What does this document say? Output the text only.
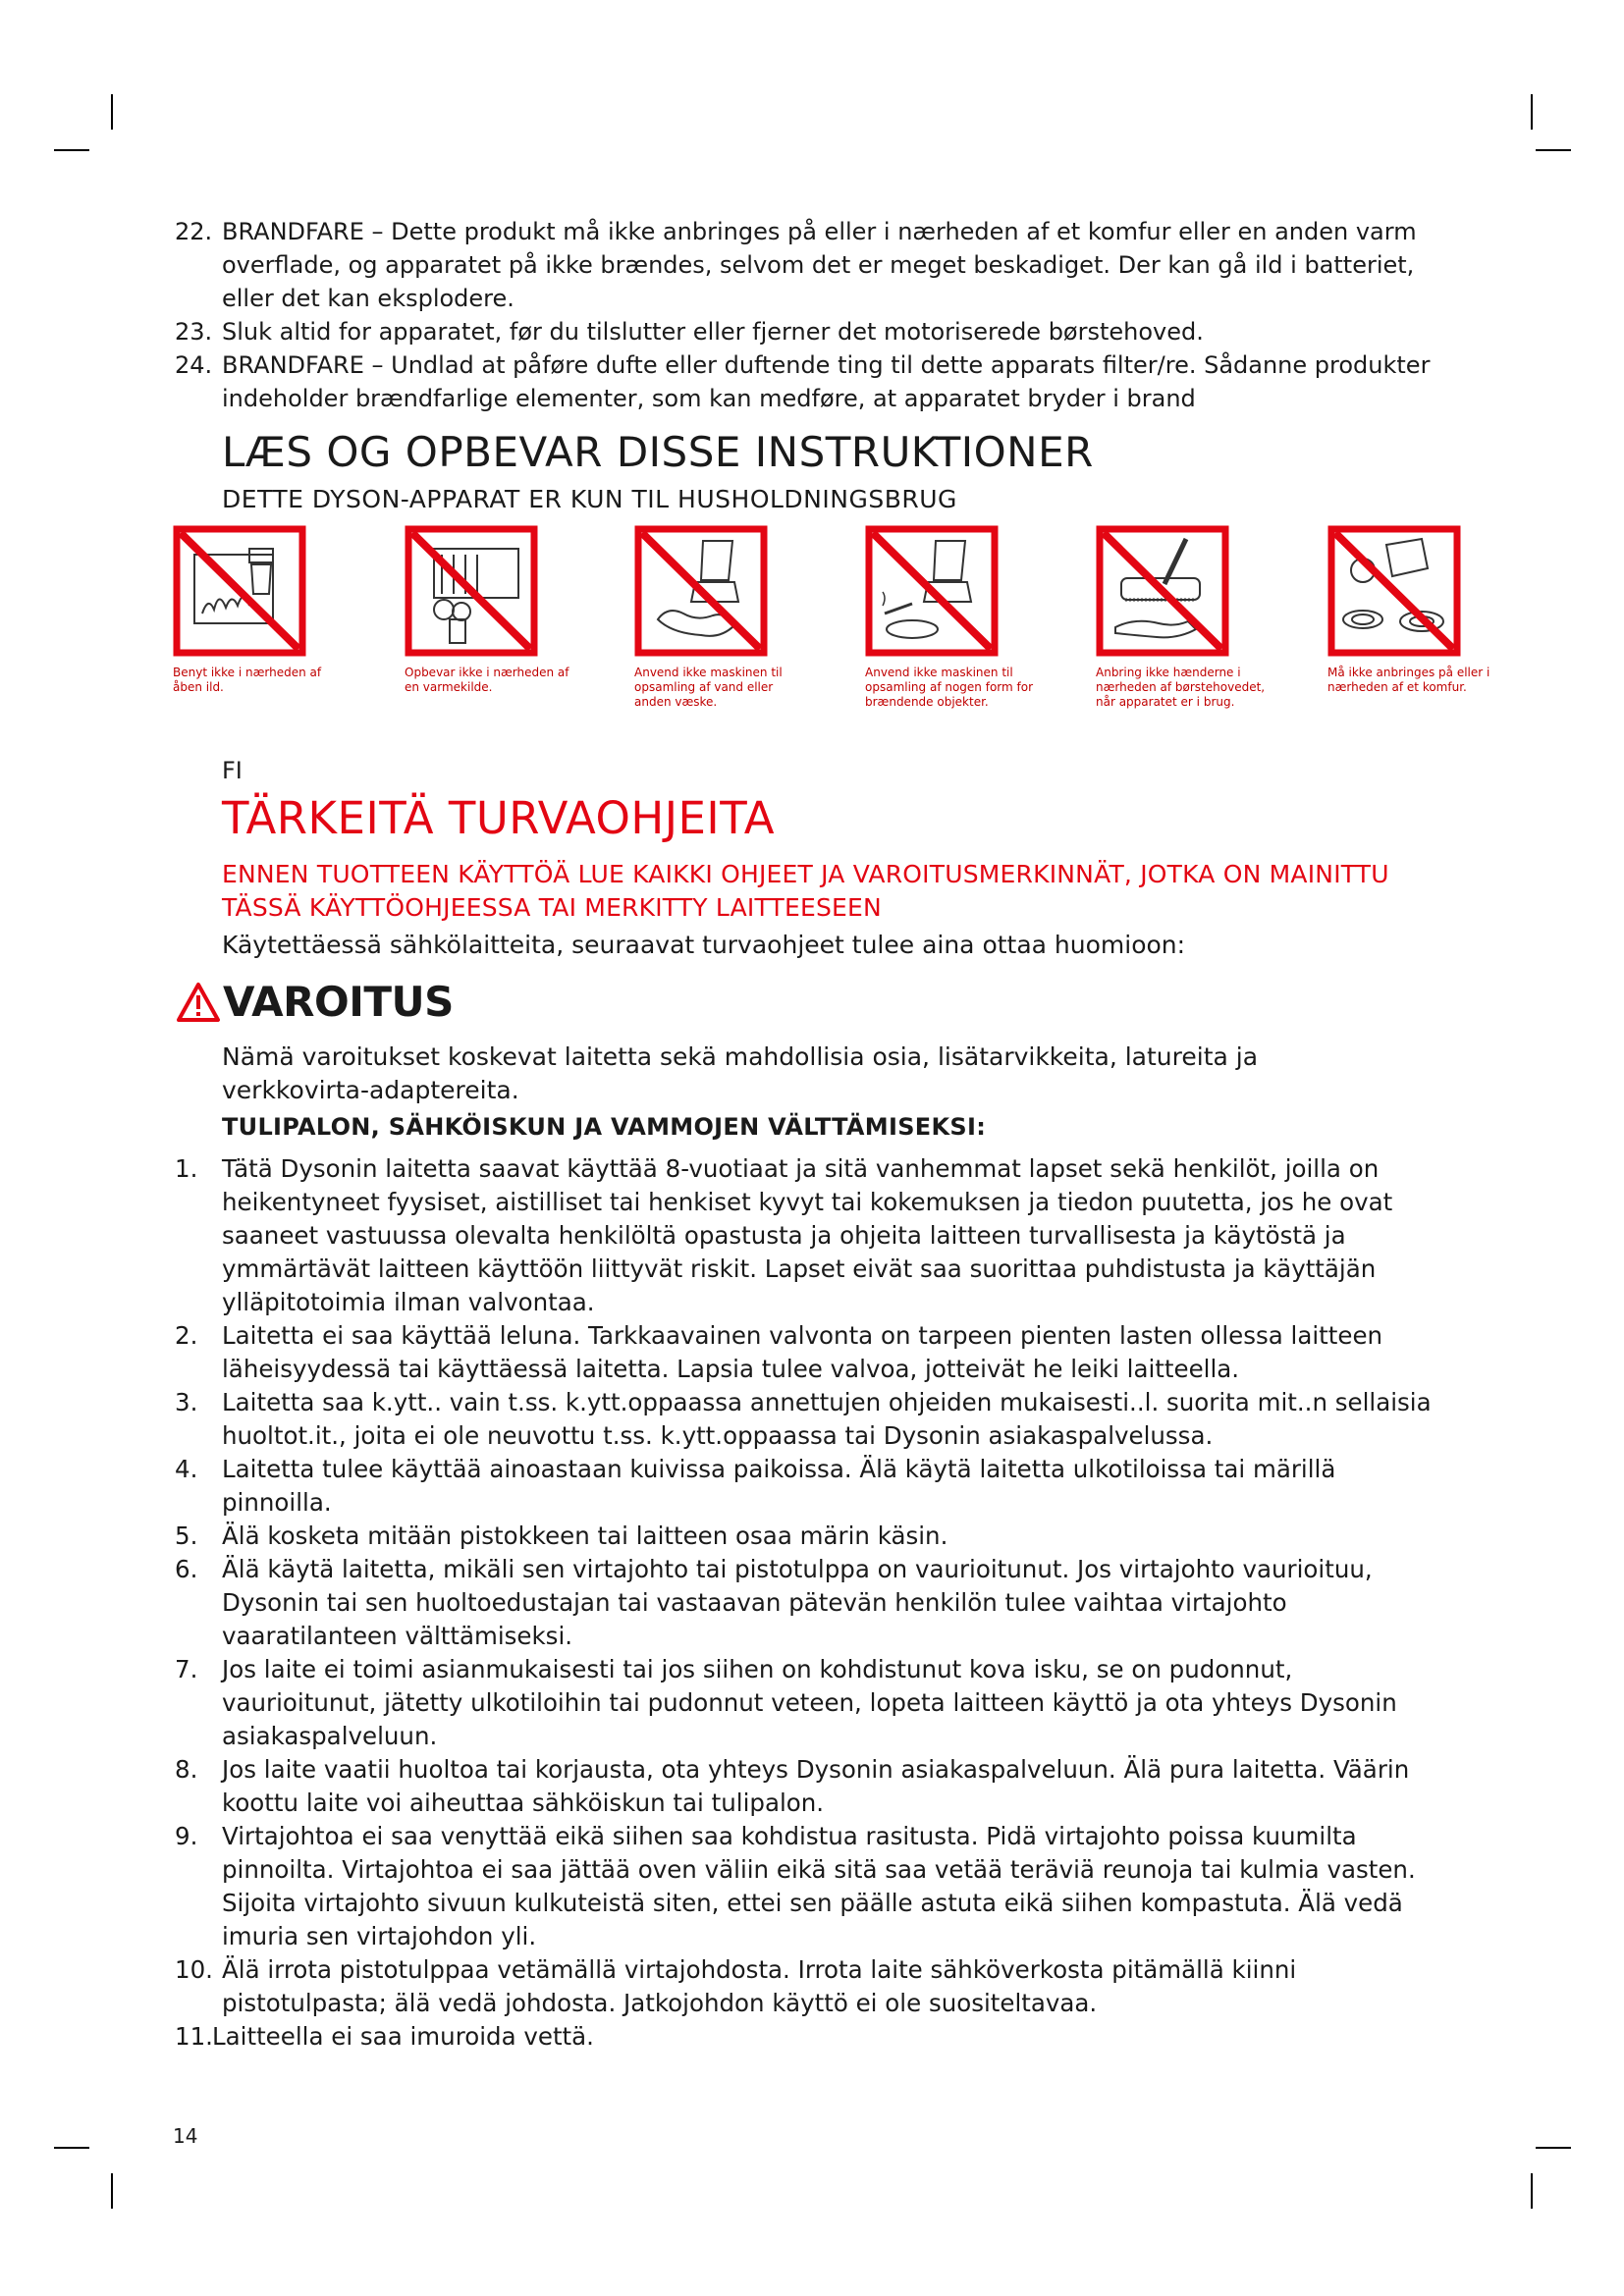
22. BRANDFARE – Dette produkt må ikke anbringes på eller i nærheden af et komfur eller en anden varm overflade, og apparatet på ikke brændes, selvom det er meget beskadiget. Der kan gå ild i batteriet, eller det kan eksplodere.
23. Sluk altid for apparatet, før du tilslutter eller fjerner det motoriserede børstehoved.
24. BRANDFARE – Undlad at påføre dufte eller duftende ting til dette apparats filter/re. Sådanne produkter indeholder brændfarlige elementer, som kan medføre, at apparatet bryder i brand
LÆS OG OPBEVAR DISSE INSTRUKTIONER
DETTE DYSON-APPARAT ER KUN TIL HUSHOLDNINGSBRUG
Benyt ikke i nærheden af åben ild.
Opbevar ikke i nærheden af en varmekilde.
Anvend ikke maskinen til opsamling af vand eller anden væske.
Anvend ikke maskinen til opsamling af nogen form for brændende objekter.
Anbring ikke hænderne i nærheden af børstehovedet, når apparatet er i brug.
Må ikke anbringes på eller i nærheden af et komfur.
FI
TÄRKEITÄ TURVAOHJEITA
ENNEN TUOTTEEN KÄYTTÖÄ LUE KAIKKI OHJEET JA VAROITUSMERKINNÄT, JOTKA ON MAINITTU TÄSSÄ KÄYTTÖOHJEESSA TAI MERKITTY LAITTEESEEN
Käytettäessä sähkölaitteita, seuraavat turvaohjeet tulee aina ottaa huomioon:
VAROITUS

Nämä varoitukset koskevat laitetta sekä mahdollisia osia, lisätarvikkeita, latureita ja verkkovirta-adaptereita.

TULIPALON, SÄHKÖISKUN JA VAMMOJEN VÄLTTÄMISEKSI:
1. Tätä Dysonin laitetta saavat käyttää 8-vuotiaat ja sitä vanhemmat lapset sekä henkilöt, joilla on heikentyneet fyysiset, aistilliset tai henkiset kyvyt tai kokemuksen ja tiedon puutetta, jos he ovat saaneet vastuussa olevalta henkilöltä opastusta ja ohjeita laitteen turvallisesta ja käytöstä ja ymmärtävät laitteen käyttöön liittyvät riskit. Lapset eivät saa suorittaa puhdistusta ja käyttäjän ylläpitotoimia ilman valvontaa.
2. Laitetta ei saa käyttää leluna. Tarkkaavainen valvonta on tarpeen pienten lasten ollessa laitteen läheisyydessä tai käyttäessä laitetta. Lapsia tulee valvoa, jotteivät he leiki laitteella.
3. Laitetta saa k.ytt.. vain t.ss. k.ytt.oppaassa annettujen ohjeiden mukaisesti..l. suorita mit..n sellaisia huoltot.it., joita ei ole neuvottu t.ss. k.ytt.oppaassa tai Dysonin asiakaspalvelussa.
4. Laitetta tulee käyttää ainoastaan kuivissa paikoissa. Älä käytä laitetta ulkotiloissa tai märillä pinnoilla.
5. Älä kosketa mitään pistokkeen tai laitteen osaa märin käsin.
6. Älä käytä laitetta, mikäli sen virtajohto tai pistotulppa on vaurioitunut. Jos virtajohto vaurioituu, Dysonin tai sen huoltoedustajan tai vastaavan pätevän henkilön tulee vaihtaa virtajohto vaaratilanteen välttämiseksi.
7. Jos laite ei toimi asianmukaisesti tai jos siihen on kohdistunut kova isku, se on pudonnut, vaurioitunut, jätetty ulkotiloihin tai pudonnut veteen, lopeta laitteen käyttö ja ota yhteys Dysonin asiakaspalveluun.
8. Jos laite vaatii huoltoa tai korjausta, ota yhteys Dysonin asiakaspalveluun. Älä pura laitetta. Väärin koottu laite voi aiheuttaa sähköiskun tai tulipalon.
9. Virtajohtoa ei saa venyttää eikä siihen saa kohdistua rasitusta. Pidä virtajohto poissa kuumilta pinnoilta. Virtajohtoa ei saa jättää oven väliin eikä sitä saa vetää teräviä reunoja tai kulmia vasten. Sijoita virtajohto sivuun kulkuteistä siten, ettei sen päälle astuta eikä siihen kompastuta. Älä vedä imuria sen virtajohdon yli.
10. Älä irrota pistotulppaa vetämällä virtajohdosta. Irrota laite sähköverkosta pitämällä kiinni pistotulpasta; älä vedä johdosta. Jatkojohdon käyttö ei ole suositeltavaa.
11. Laitteella ei saa imuroida vettä.
14
